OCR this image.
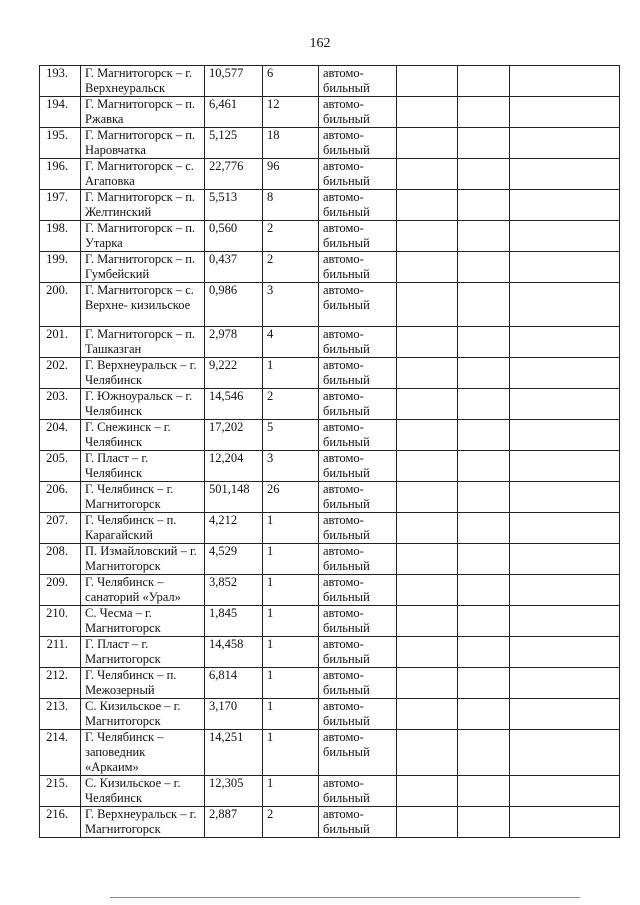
162
193.	Г. Магнитогорск – г. Верхнеуральск	10,577	6	автомо- бильный			
194.	Г. Магнитогорск – п. Ржавка	6,461	12	автомо- бильный			
195.	Г. Магнитогорск – п. Наровчатка	5,125	18	автомо- бильный			
196.	Г. Магнитогорск – с. Агаповка	22,776	96	автомо- бильный			
197.	Г. Магнитогорск – п. Желтинский	5,513	8	автомо- бильный			
198.	Г. Магнитогорск – п. Утарка	0,560	2	автомо- бильный			
199.	Г. Магнитогорск – п. Гумбейский	0,437	2	автомо- бильный			
200.	Г. Магнитогорск – с. Верхне- кизильское	0,986	3	автомо- бильный			
201.	Г. Магнитогорск – п. Ташказган	2,978	4	автомо- бильный			
202.	Г. Верхнеуральск – г. Челябинск	9,222	1	автомо- бильный			
203.	Г. Южноуральск – г. Челябинск	14,546	2	автомо- бильный			
204.	Г. Снежинск – г. Челябинск	17,202	5	автомо- бильный			
205.	Г. Пласт – г. Челябинск	12,204	3	автомо- бильный			
206.	Г. Челябинск – г. Магнитогорск	501,148	26	автомо- бильный			
207.	Г. Челябинск – п. Карагайский	4,212	1	автомо- бильный			
208.	П. Измайловский – г. Магнитогорск	4,529	1	автомо- бильный			
209.	Г. Челябинск – санаторий «Урал»	3,852	1	автомо- бильный			
210.	С. Чесма – г. Магнитогорск	1,845	1	автомо- бильный			
211.	Г. Пласт – г. Магнитогорск	14,458	1	автомо- бильный			
212.	Г. Челябинск – п. Межозерный	6,814	1	автомо- бильный			
213.	С. Кизильское – г. Магнитогорск	3,170	1	автомо- бильный			
214.	Г. Челябинск – заповедник «Аркаим»	14,251	1	автомо- бильный			
215.	С. Кизильское – г. Челябинск	12,305	1	автомо- бильный			
216.	Г. Верхнеуральск – г. Магнитогорск	2,887	2	автомо- бильный			
